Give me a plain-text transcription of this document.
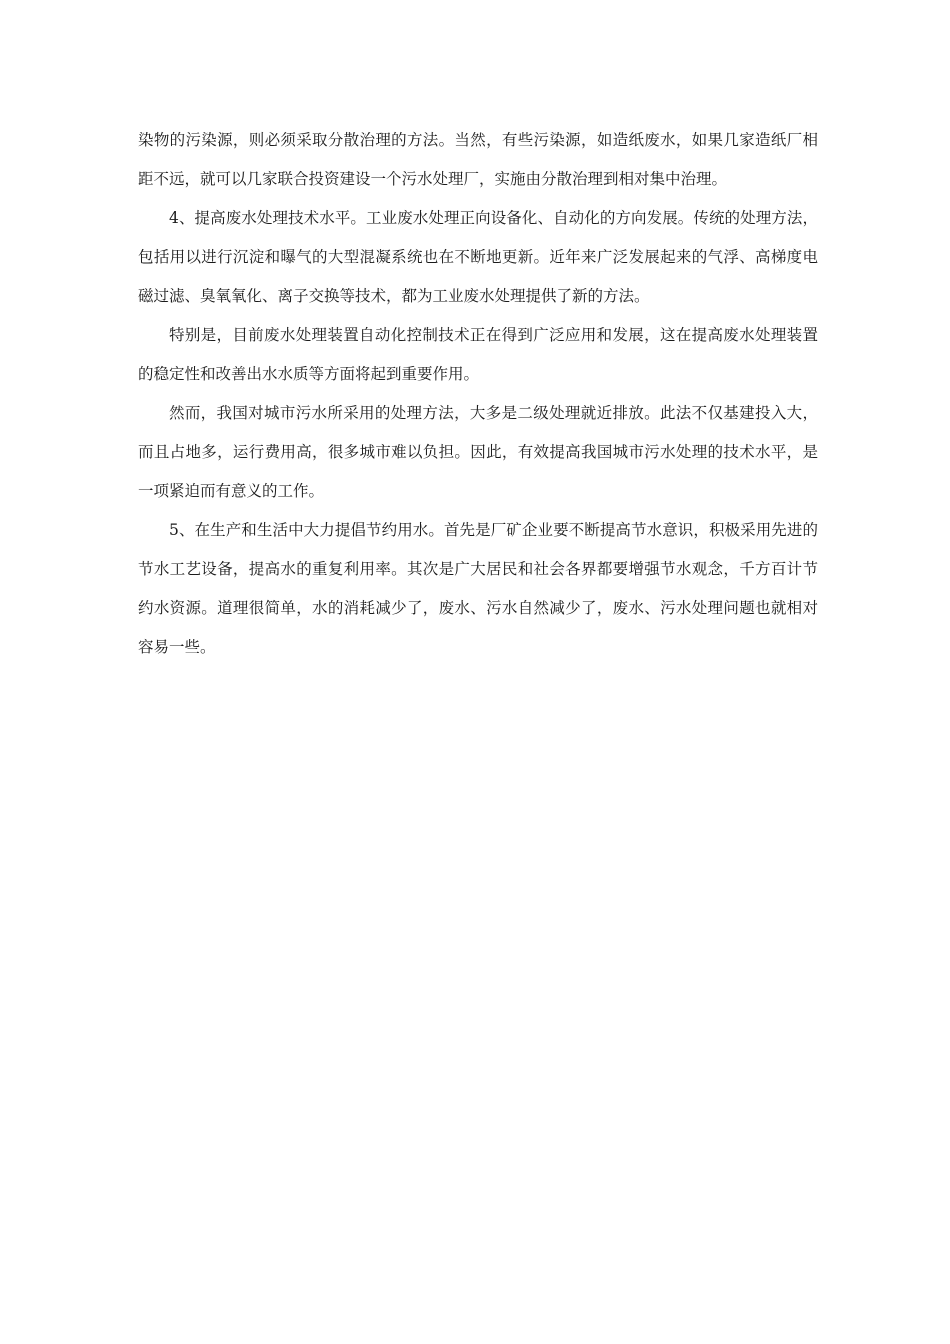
染物的污染源，则必须采取分散治理的方法。当然，有些污染源，如造纸废水，如果几家造纸厂相距不远，就可以几家联合投资建设一个污水处理厂，实施由分散治理到相对集中治理。

4、提高废水处理技术水平。工业废水处理正向设备化、自动化的方向发展。传统的处理方法，包括用以进行沉淀和曝气的大型混凝系统也在不断地更新。近年来广泛发展起来的气浮、高梯度电磁过滤、臭氧氧化、离子交换等技术，都为工业废水处理提供了新的方法。

特别是，目前废水处理装置自动化控制技术正在得到广泛应用和发展，这在提高废水处理装置的稳定性和改善出水水质等方面将起到重要作用。

然而，我国对城市污水所采用的处理方法，大多是二级处理就近排放。此法不仅基建投入大，而且占地多，运行费用高，很多城市难以负担。因此，有效提高我国城市污水处理的技术水平，是一项紧迫而有意义的工作。

5、在生产和生活中大力提倡节约用水。首先是厂矿企业要不断提高节水意识，积极采用先进的节水工艺设备，提高水的重复利用率。其次是广大居民和社会各界都要增强节水观念，千方百计节约水资源。道理很简单，水的消耗减少了，废水、污水自然减少了，废水、污水处理问题也就相对容易一些。
